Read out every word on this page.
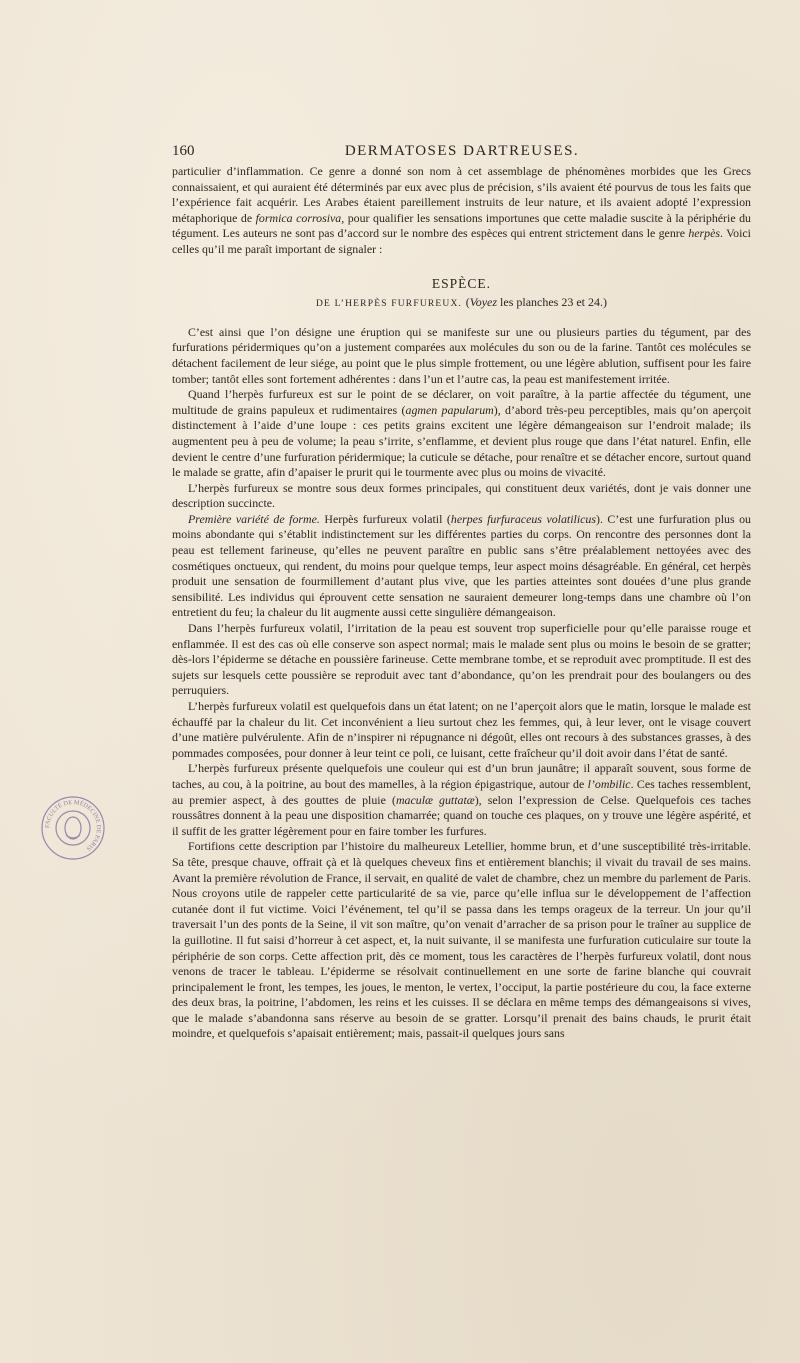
160	DERMATOSES DARTREUSES.

particulier d’inflammation. Ce genre a donné son nom à cet assemblage de phénomènes morbides que les Grecs connaissaient, et qui auraient été déterminés par eux avec plus de précision, s’ils avaient été pourvus de tous les faits que l’expérience fait acquérir. Les Arabes étaient pareillement instruits de leur nature, et ils avaient adopté l’expression métaphorique de formica corrosiva, pour qualifier les sensations importunes que cette maladie suscite à la périphérie du tégument. Les auteurs ne sont pas d’accord sur le nombre des espèces qui entrent strictement dans le genre herpès. Voici celles qu’il me paraît important de signaler :

ESPÈCE.
DE L’HERPÈS FURFUREUX. (Voyez les planches 23 et 24.)

C’est ainsi que l’on désigne une éruption qui se manifeste sur une ou plusieurs parties du tégument, par des furfurations péridermiques qu’on a justement comparées aux molécules du son ou de la farine. Tantôt ces molécules se détachent facilement de leur siége, au point que le plus simple frottement, ou une légère ablution, suffisent pour les faire tomber; tantôt elles sont fortement adhérentes : dans l’un et l’autre cas, la peau est manifestement irritée.

Quand l’herpès furfureux est sur le point de se déclarer, on voit paraître, à la partie affectée du tégument, une multitude de grains papuleux et rudimentaires (agmen papularum), d’abord très-peu perceptibles, mais qu’on aperçoit distinctement à l’aide d’une loupe : ces petits grains excitent une légère démangeaison sur l’endroit malade; ils augmentent peu à peu de volume; la peau s’irrite, s’enflamme, et devient plus rouge que dans l’état naturel. Enfin, elle devient le centre d’une furfuration péridermique; la cuticule se détache, pour renaître et se détacher encore, surtout quand le malade se gratte, afin d’apaiser le prurit qui le tourmente avec plus ou moins de vivacité.

L’herpès furfureux se montre sous deux formes principales, qui constituent deux variétés, dont je vais donner une description succincte.

Première variété de forme. Herpès furfureux volatil (herpes furfuraceus volatilicus). C’est une furfuration plus ou moins abondante qui s’établit indistinctement sur les différentes parties du corps. On rencontre des personnes dont la peau est tellement farineuse, qu’elles ne peuvent paraître en public sans s’être préalablement nettoyées avec des cosmétiques onctueux, qui rendent, du moins pour quelque temps, leur aspect moins désagréable. En général, cet herpès produit une sensation de fourmillement d’autant plus vive, que les parties atteintes sont douées d’une plus grande sensibilité. Les individus qui éprouvent cette sensation ne sauraient demeurer long-temps dans une chambre où l’on entretient du feu; la chaleur du lit augmente aussi cette singulière démangeaison.

Dans l’herpès furfureux volatil, l’irritation de la peau est souvent trop superficielle pour qu’elle paraisse rouge et enflammée. Il est des cas où elle conserve son aspect normal; mais le malade sent plus ou moins le besoin de se gratter; dès-lors l’épiderme se détache en poussière farineuse. Cette membrane tombe, et se reproduit avec promptitude. Il est des sujets sur lesquels cette poussière se reproduit avec tant d’abondance, qu’on les prendrait pour des boulangers ou des perruquiers.

L’herpès furfureux volatil est quelquefois dans un état latent; on ne l’aperçoit alors que le matin, lorsque le malade est échauffé par la chaleur du lit. Cet inconvénient a lieu surtout chez les femmes, qui, à leur lever, ont le visage couvert d’une matière pulvérulente. Afin de n’inspirer ni répugnance ni dégoût, elles ont recours à des substances grasses, à des pommades composées, pour donner à leur teint ce poli, ce luisant, cette fraîcheur qu’il doit avoir dans l’état de santé.

L’herpès furfureux présente quelquefois une couleur qui est d’un brun jaunâtre; il apparaît souvent, sous forme de taches, au cou, à la poitrine, au bout des mamelles, à la région épigastrique, autour de l’ombilic. Ces taches ressemblent, au premier aspect, à des gouttes de pluie (maculæ guttatæ), selon l’expression de Celse. Quelquefois ces taches roussâtres donnent à la peau une disposition chamarrée; quand on touche ces plaques, on y trouve une légère aspérité, et il suffit de les gratter légèrement pour en faire tomber les furfures.

Fortifions cette description par l’histoire du malheureux Letellier, homme brun, et d’une susceptibilité très-irritable. Sa tête, presque chauve, offrait çà et là quelques cheveux fins et entièrement blanchis; il vivait du travail de ses mains. Avant la première révolution de France, il servait, en qualité de valet de chambre, chez un membre du parlement de Paris. Nous croyons utile de rappeler cette particularité de sa vie, parce qu’elle influa sur le développement de l’affection cutanée dont il fut victime. Voici l’événement, tel qu’il se passa dans les temps orageux de la terreur. Un jour qu’il traversait l’un des ponts de la Seine, il vit son maître, qu’on venait d’arracher de sa prison pour le traîner au supplice de la guillotine. Il fut saisi d’horreur à cet aspect, et, la nuit suivante, il se manifesta une furfuration cuticulaire sur toute la périphérie de son corps. Cette affection prit, dès ce moment, tous les caractères de l’herpès furfureux volatil, dont nous venons de tracer le tableau. L’épiderme se résolvait continuellement en une sorte de farine blanche qui couvrait principalement le front, les tempes, les joues, le menton, le vertex, l’occiput, la partie postérieure du cou, la face externe des deux bras, la poitrine, l’abdomen, les reins et les cuisses. Il se déclara en même temps des démangeaisons si vives, que le malade s’abandonna sans réserve au besoin de se gratter. Lorsqu’il prenait des bains chauds, le prurit était moindre, et quelquefois s’apaisait entièrement; mais, passait-il quelques jours sans

FACULTÉ DE MÉDECINE DE PARIS
